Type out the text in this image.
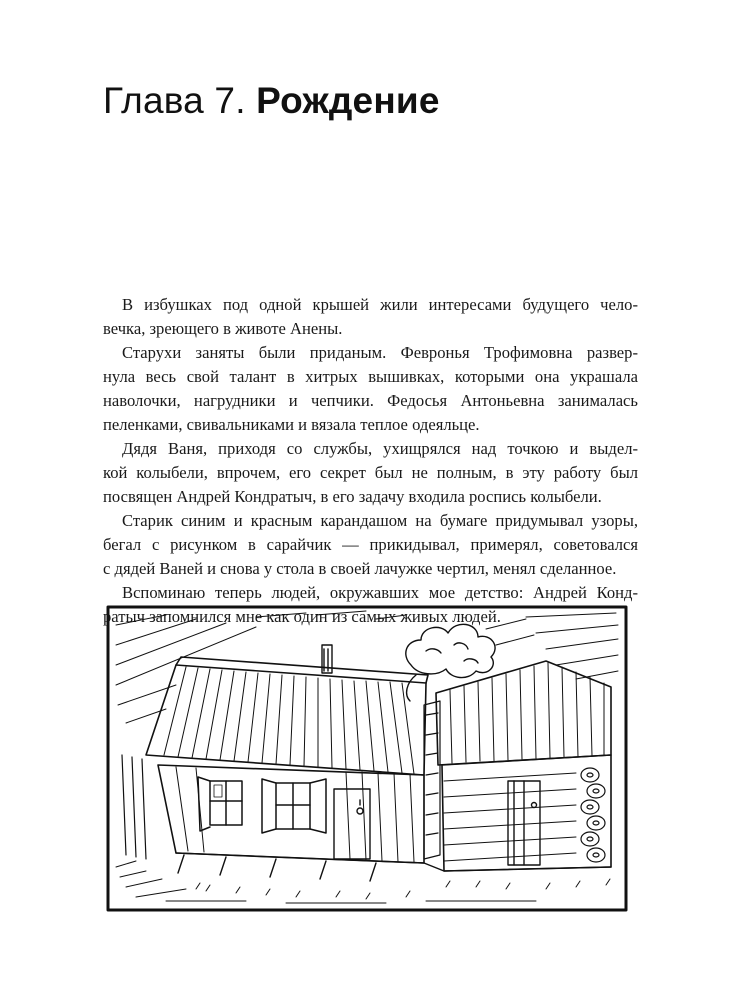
Глава 7. Рождение

В избушках под одной крышей жили интересами будущего чело-
вечка, зреющего в животе Анены.

Старухи заняты были приданым. Февронья Трофимовна развер-
нула весь свой талант в хитрых вышивках, которыми она украшала
наволочки, нагрудники и чепчики. Федосья Антоньевна занималась
пеленками, свивальниками и вязала теплое одеяльце.

Дядя Ваня, приходя со службы, ухищрялся над точкою и выдел-
кой колыбели, впрочем, его секрет был не полным, в эту работу был
посвящен Андрей Кондратыч, в его задачу входила роспись колыбели.

Старик синим и красным карандашом на бумаге придумывал узоры,
бегал с рисунком в сарайчик — прикидывал, примерял, советовался
с дядей Ваней и снова у стола в своей лачужке чертил, менял сделанное.

Вспоминаю теперь людей, окружавших мое детство: Андрей Конд-
ратыч запомнился мне как один из самых живых людей.
